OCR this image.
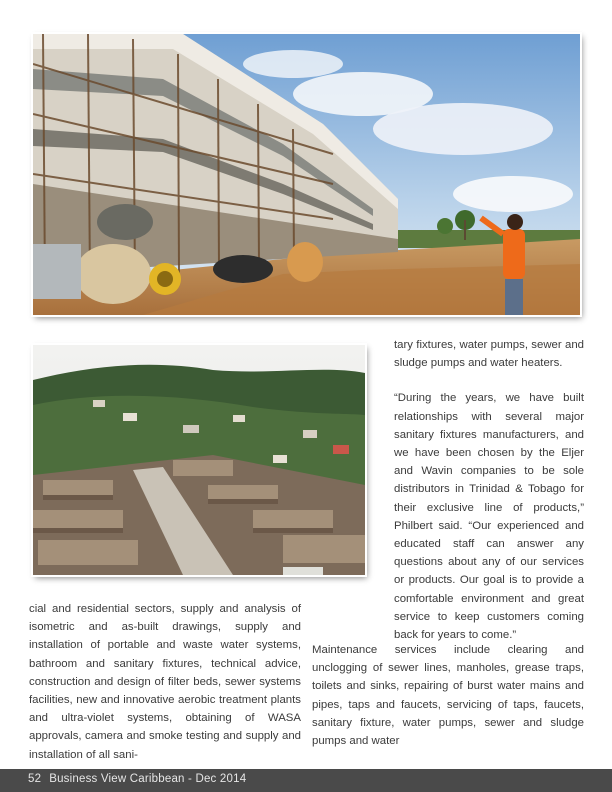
tary fixtures, water pumps, sewer and sludge pumps and water heaters.

“During the years, we have built relationships with several major sanitary fixtures manufacturers, and we have been chosen by the Eljer and Wavin companies to be sole distributors in Trinidad & Tobago for their exclusive line of products,” Philbert said. “Our experienced and educated staff can answer any questions about any of our services or products. Our goal is to provide a comfortable environment and great service to keep customers coming back for years to come.”

cial and residential sectors, supply and analysis of isometric and as-built drawings, supply and installation of portable and waste water systems, bathroom and sanitary fixtures, technical advice, construction and design of filter beds, sewer systems facilities, new and innovative aerobic treatment plants and ultra-violet systems, obtaining of WASA approvals, camera and smoke testing and supply and installation of all sani-

Maintenance services include clearing and unclogging of sewer lines, manholes, grease traps, toilets and sinks, repairing of burst water mains and pipes, taps and faucets, servicing of taps, faucets, sanitary fixture, water pumps, sewer and sludge pumps and water

52 Business View Caribbean - Dec 2014
